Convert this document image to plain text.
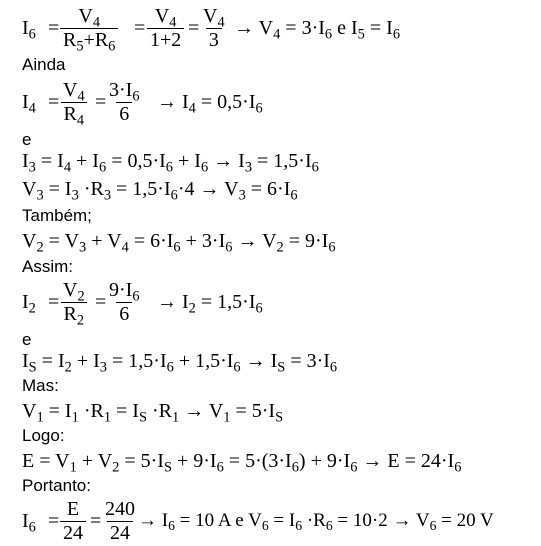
$I_6 = \frac{V_4}{R_5+R_6} = \frac{V_4}{1+2} = \frac{V_4}{3} \to V_4 = 3\cdot I_6$ e $I_5 = I_6$
Ainda
$I_4 = \frac{V_4}{R_4} = \frac{3\cdot I_6}{6} \to I_4 = 0,5\cdot I_6$
e
$I_3 = I_4 + I_6 = 0,5\cdot I_6 + I_6 \to I_3 = 1,5\cdot I_6$
$V_3 = I_3 \cdot R_3 = 1,5\cdot I_6\cdot 4 \to V_3 = 6\cdot I_6$
Também;
$V_2 = V_3 + V_4 = 6\cdot I_6 + 3\cdot I_6 \to V_2 = 9\cdot I_6$
Assim:
$I_2 = \frac{V_2}{R_2} = \frac{9\cdot I_6}{6} \to I_2 = 1,5\cdot I_6$
e
$I_S = I_2 + I_3 = 1,5\cdot I_6 + 1,5\cdot I_6 \to I_S = 3\cdot I_6$
Mas:
$V_1 = I_1 \cdot R_1 = I_S \cdot R_1 \to V_1 = 5\cdot I_S$
Logo:
$E = V_1 + V_2 = 5\cdot I_S + 9\cdot I_6 = 5\cdot(3\cdot I_6) + 9\cdot I_6 \to E = 24\cdot I_6$
Portanto:
$I_6 = \frac{E}{24} = \frac{240}{24} \to I_6 = 10$ A e $V_6 = I_6 \cdot R_6 = 10\cdot 2 \to V_6 = 20$ V
